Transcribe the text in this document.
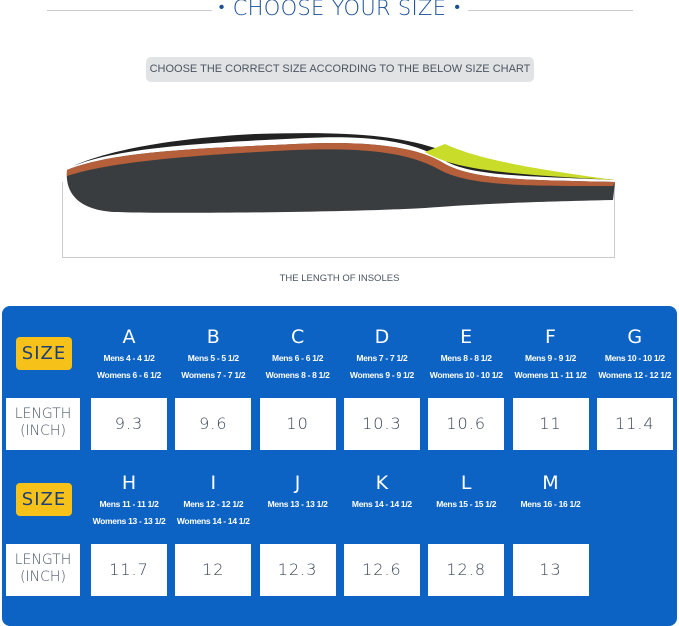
• CHOOSE YOUR SIZE •
CHOOSE THE CORRECT SIZE ACCORDING TO THE BELOW SIZE CHART
THE LENGTH OF INSOLES
SIZE
LENGTH
(INCH)
A
Mens 4 - 4 1/2
Womens 6 - 6 1/2
9.3
B
Mens 5 - 5 1/2
Womens 7 - 7 1/2
9.6
C
Mens 6 - 6 1/2
Womens 8 - 8 1/2
10
D
Mens 7 - 7 1/2
Womens 9 - 9 1/2
10.3
E
Mens 8 - 8 1/2
Womens 10 - 10 1/2
10.6
F
Mens 9 - 9 1/2
Womens 11 - 11 1/2
11
G
Mens 10 - 10 1/2
Womens 12 - 12 1/2
11.4
SIZE
LENGTH
(INCH)
H
Mens 11 - 11 1/2
Womens 13 - 13 1/2
11.7
I
Mens 12 - 12 1/2
Womens 14 - 14 1/2
12
J
Mens 13 - 13 1/2
12.3
K
Mens 14 - 14 1/2
12.6
L
Mens 15 - 15 1/2
12.8
M
Mens 16 - 16 1/2
13
